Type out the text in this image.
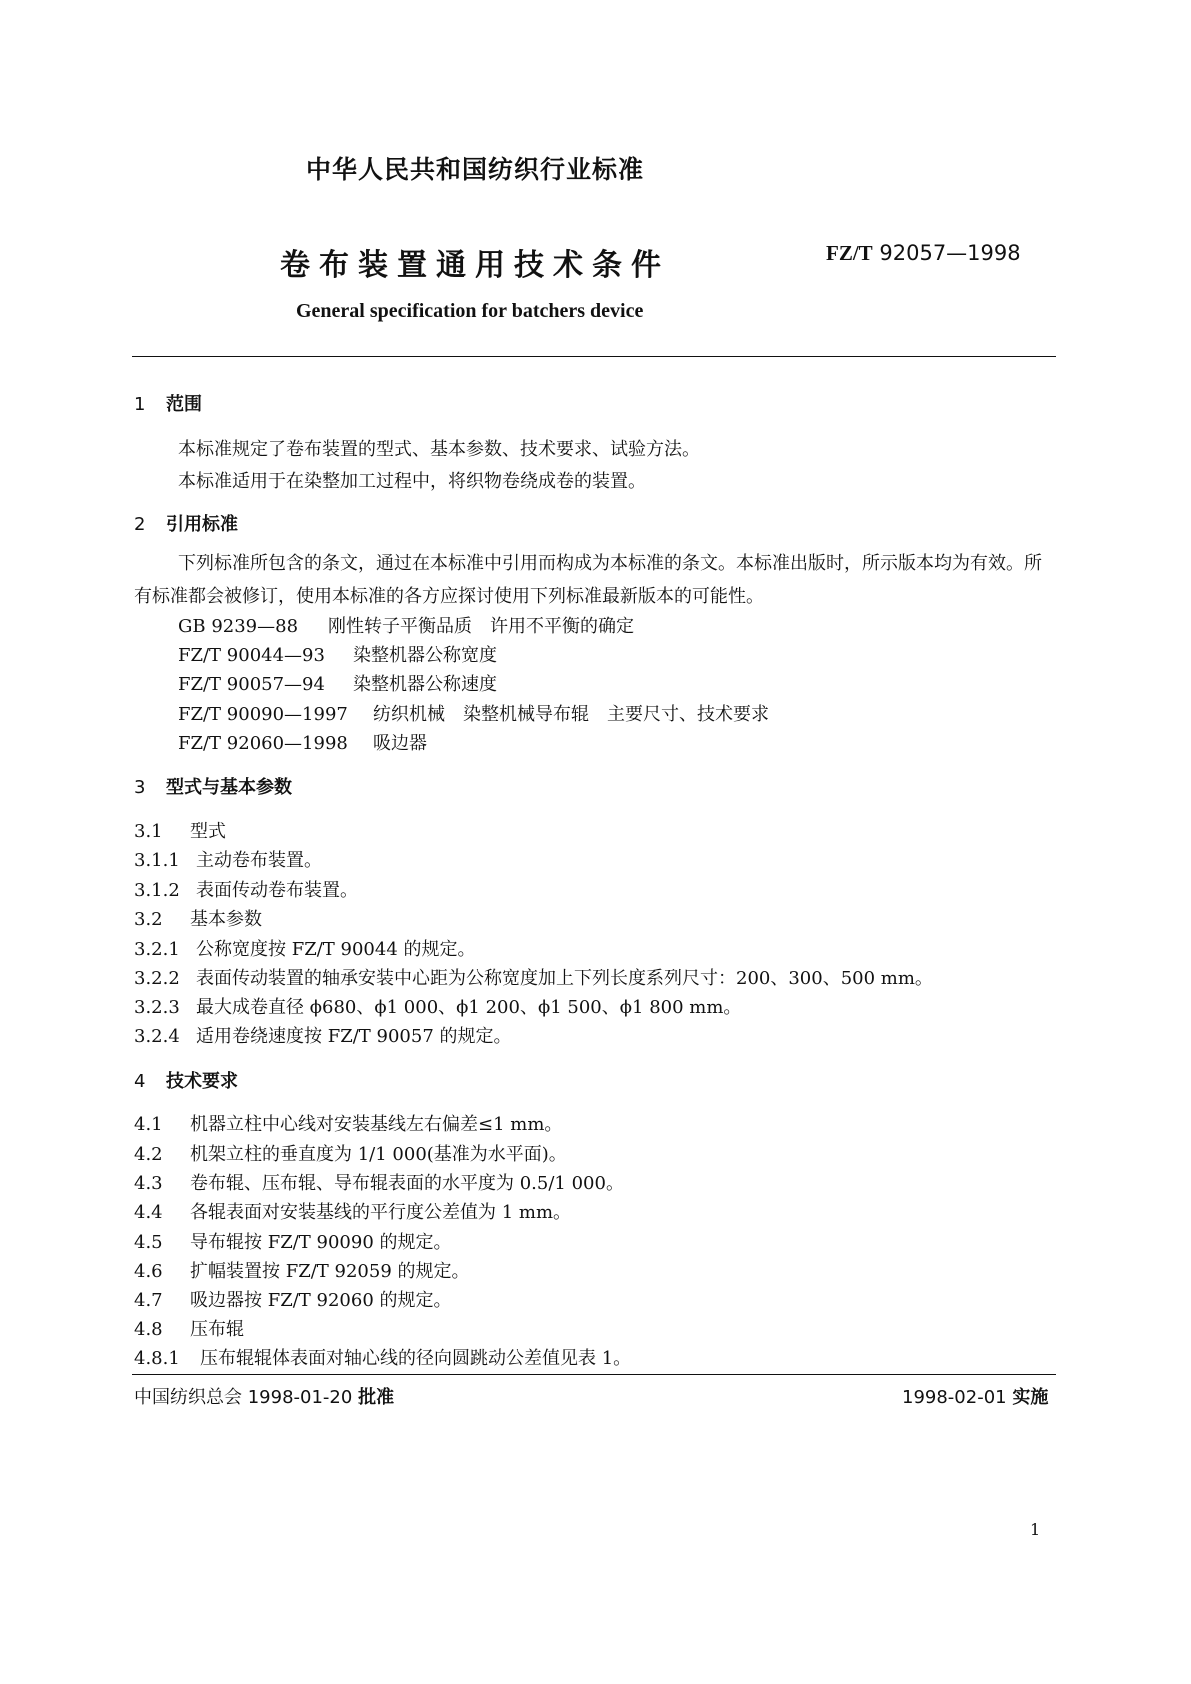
中华人民共和国纺织行业标准
卷布装置通用技术条件	FZ/T 92057—1998
General specification for batchers device
1 范围
本标准规定了卷布装置的型式、基本参数、技术要求、试验方法。
本标准适用于在染整加工过程中，将织物卷绕成卷的装置。
2 引用标准
下列标准所包含的条文，通过在本标准中引用而构成为本标准的条文。本标准出版时，所示版本均为有效。所有标准都会被修订，使用本标准的各方应探讨使用下列标准最新版本的可能性。
GB 9239—88 刚性转子平衡品质　许用不平衡的确定
FZ/T 90044—93 染整机器公称宽度
FZ/T 90057—94 染整机器公称速度
FZ/T 90090—1997 纺织机械　染整机械导布辊　主要尺寸、技术要求
FZ/T 92060—1998 吸边器
3 型式与基本参数
3.1 型式
3.1.1 主动卷布装置。
3.1.2 表面传动卷布装置。
3.2 基本参数
3.2.1 公称宽度按 FZ/T 90044 的规定。
3.2.2 表面传动装置的轴承安装中心距为公称宽度加上下列长度系列尺寸：200、300、500 mm。
3.2.3 最大成卷直径 ϕ680、ϕ1 000、ϕ1 200、ϕ1 500、ϕ1 800 mm。
3.2.4 适用卷绕速度按 FZ/T 90057 的规定。
4 技术要求
4.1 机器立柱中心线对安装基线左右偏差≤1 mm。
4.2 机架立柱的垂直度为 1/1 000(基准为水平面)。
4.3 卷布辊、压布辊、导布辊表面的水平度为 0.5/1 000。
4.4 各辊表面对安装基线的平行度公差值为 1 mm。
4.5 导布辊按 FZ/T 90090 的规定。
4.6 扩幅装置按 FZ/T 92059 的规定。
4.7 吸边器按 FZ/T 92060 的规定。
4.8 压布辊
4.8.1 压布辊辊体表面对轴心线的径向圆跳动公差值见表 1。
中国纺织总会 1998-01-20 批准	1998-02-01 实施
1
